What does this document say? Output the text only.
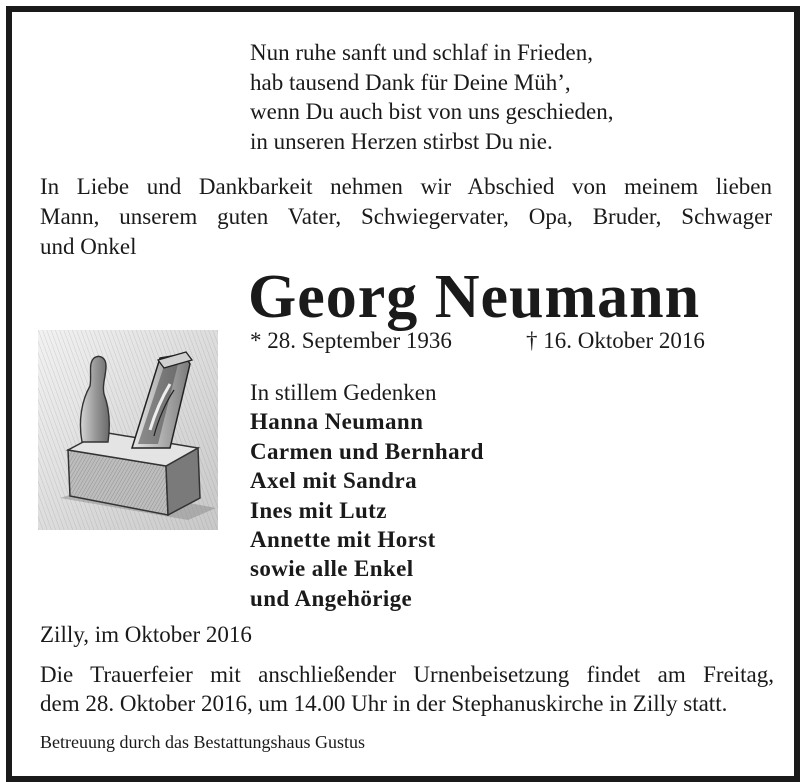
Nun ruhe sanft und schlaf in Frieden,
hab tausend Dank für Deine Müh’,
wenn Du auch bist von uns geschieden,
in unseren Herzen stirbst Du nie.
In Liebe und Dankbarkeit nehmen wir Abschied von meinem lieben
Mann, unserem guten Vater, Schwiegervater, Opa, Bruder, Schwager
und Onkel
Georg Neumann
* 28. September 1936	† 16. Oktober 2016
In stillem Gedenken
Hanna Neumann
Carmen und Bernhard
Axel mit Sandra
Ines mit Lutz
Annette mit Horst
sowie alle Enkel
und Angehörige
Zilly, im Oktober 2016
Die Trauerfeier mit anschließender Urnenbeisetzung findet am Freitag,
dem 28. Oktober 2016, um 14.00 Uhr in der Stephanuskirche in Zilly statt.
Betreuung durch das Bestattungshaus Gustus
